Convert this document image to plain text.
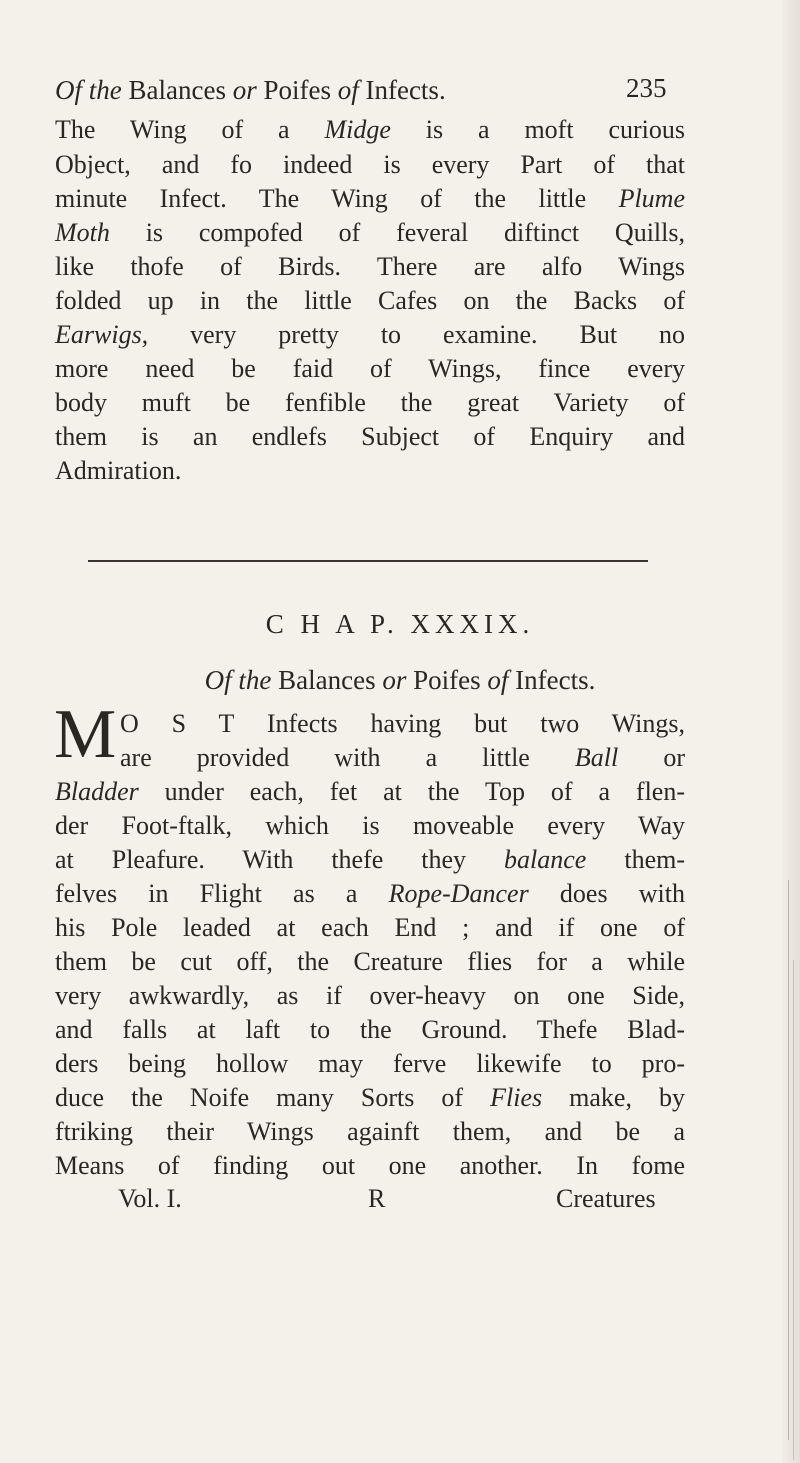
Of the Balances or Poifes of Infects.	235
The Wing of a Midge is a moft curious
Object, and fo indeed is every Part of that
minute Infect. The Wing of the little Plume
Moth is compofed of feveral diftinct Quills,
like thofe of Birds. There are alfo Wings
folded up in the little Cafes on the Backs of
Earwigs, very pretty to examine. But no
more need be faid of Wings, fince every
body muft be fenfible the great Variety of
them is an endlefs Subject of Enquiry and
Admiration.
C H A P. XXXIX.
Of the Balances or Poifes of Infects.
M O S T Infects having but two Wings,
are provided with a little Ball or
Bladder under each, fet at the Top of a flen-
der Foot-ftalk, which is moveable every Way
at Pleafure. With thefe they balance them-
felves in Flight as a Rope-Dancer does with
his Pole leaded at each End ; and if one of
them be cut off, the Creature flies for a while
very awkwardly, as if over-heavy on one Side,
and falls at laft to the Ground. Thefe Blad-
ders being hollow may ferve likewife to pro-
duce the Noife many Sorts of Flies make, by
ftriking their Wings againft them, and be a
Means of finding out one another. In fome
Vol. I.	R	Creatures
